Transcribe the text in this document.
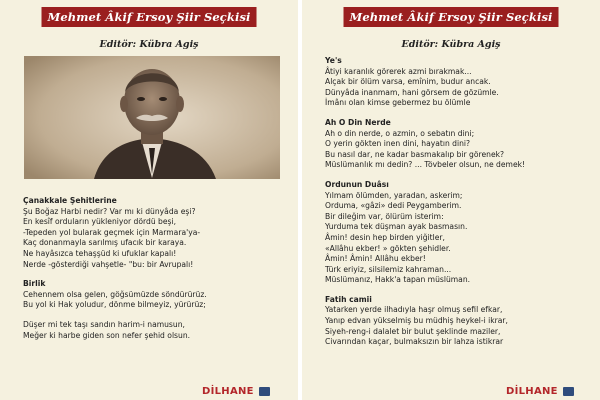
Mehmet Âkif Ersoy Şiir Seçkisi
Editör: Kübra Agiş
Çanakkale Şehitlerine
Şu Boğaz Harbi nedir? Var mı ki dünyâda eşi?
En kesîf orduların yükleniyor dördü beşi,
-Tepeden yol bularak geçmek için Marmara'ya-
Kaç donanmayla sarılmış ufacık bir karaya.
Ne hayâsızca tehaşşüd ki ufuklar kapalı!
Nerde -gösterdiği vahşetle- "bu: bir Avrupalı!
Birlik
Cehennem olsa gelen, göğsümüzde söndürürüz.
Bu yol ki Hak yoludur, dönme bilmeyiz, yürürüz;
Düşer mi tek taşı sandın harim-i namusun,
Meğer ki harbe giden son nefer şehid olsun.
DİLHANE
Mehmet Âkif Ersoy Şiir Seçkisi
Editör: Kübra Agiş
Ye's
Âtiyi karanlık görerek azmi bırakmak...
Alçak bir ölüm varsa, emînim, budur ancak.
Dünyâda inanmam, hani görsem de gözümle.
İmânı olan kimse gebermez bu ölümle
Ah O Din Nerde
Ah o din nerde, o azmin, o sebatın dini;
O yerin gökten inen dini, hayatın dini?
Bu nasıl dar, ne kadar basmakalıp bir görenek?
Müslümanlık mı dedin? ... Tövbeler olsun, ne demek!
Ordunun Duâsı
Yılmam ölümden, yaradan, askerim;
Orduma, «gâzi» dedi Peygamberim.
Bir dileğim var, ölürüm isterim:
Yurduma tek düşman ayak basmasın.
Âmin! desin hep birden yiğitler,
«Allâhu ekber! » gökten şehidler.
Âmin! Âmin! Allâhu ekber!
Türk eriyiz, silsilemiz kahraman...
Müslümanız, Hakk'a tapan müslüman.
Fatih camii
Yatarken yerde ilhadıyla haşr olmuş sefil efkar,
Yanıp edvan yükselmiş bu müdhiş heykel-i ikrar,
Siyeh-reng-i dalalet bir bulut şeklinde maziler,
Civarından kaçar, bulmaksızın bir lahza istikrar
DİLHANE
